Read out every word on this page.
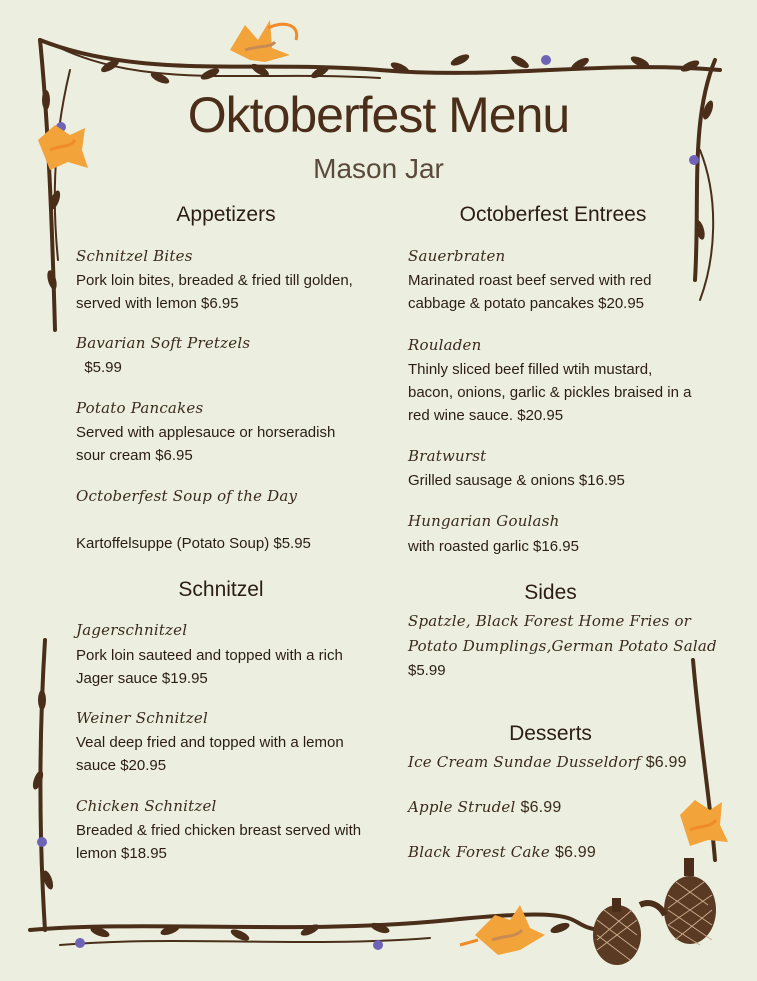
Oktoberfest Menu
Mason Jar
Appetizers
Schnitzel Bites
Pork loin bites, breaded & fried till golden,
served with lemon $6.95
Bavarian Soft Pretzels
$5.99
Potato Pancakes
Served with applesauce or horseradish
sour cream $6.95
Octoberfest Soup of the Day
Kartoffelsuppe (Potato Soup) $5.95
Schnitzel
Jagerschnitzel
Pork loin sauteed and topped with a rich
Jager sauce $19.95
Weiner Schnitzel
Veal deep fried and topped with a lemon
sauce $20.95
Chicken Schnitzel
Breaded & fried chicken breast served with
lemon $18.95
Octoberfest Entrees
Sauerbraten
Marinated roast beef served with red
cabbage & potato pancakes $20.95
Rouladen
Thinly sliced beef filled wtih mustard,
bacon, onions, garlic & pickles braised in a
red wine sauce. $20.95
Bratwurst
Grilled sausage & onions $16.95
Hungarian Goulash
with roasted garlic $16.95
Sides
Spatzle, Black Forest Home Fries or
Potato Dumplings,German Potato Salad
$5.99
Desserts
Ice Cream Sundae Dusseldorf $6.99
Apple Strudel $6.99
Black Forest Cake $6.99
